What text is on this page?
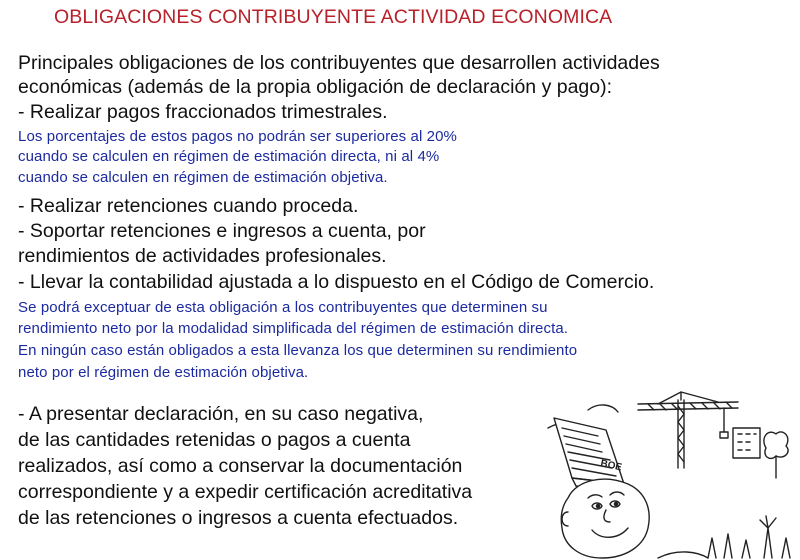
OBLIGACIONES CONTRIBUYENTE ACTIVIDAD ECONOMICA
Principales obligaciones de los contribuyentes que desarrollen actividades
económicas (además de la propia obligación de declaración y pago):
- Realizar pagos fraccionados trimestrales.
Los porcentajes de estos pagos no podrán ser superiores al 20%
cuando se calculen en régimen de estimación directa, ni al 4%
cuando se calculen en régimen de estimación objetiva.
- Realizar retenciones cuando proceda.
- Soportar retenciones e ingresos a cuenta, por
rendimientos de actividades profesionales.
- Llevar la contabilidad ajustada a lo dispuesto en el Código de Comercio.
Se podrá exceptuar de esta obligación a los contribuyentes que determinen su
rendimiento neto por la modalidad simplificada del régimen de estimación directa.
En ningún caso están obligados a esta llevanza los que determinen su rendimiento
neto por el régimen de estimación objetiva.
- A presentar declaración, en su caso negativa,
de las cantidades retenidas o pagos a cuenta
realizados, así como a conservar la documentación
correspondiente y a expedir certificación acreditativa
de las retenciones o ingresos a cuenta efectuados.
BOE
